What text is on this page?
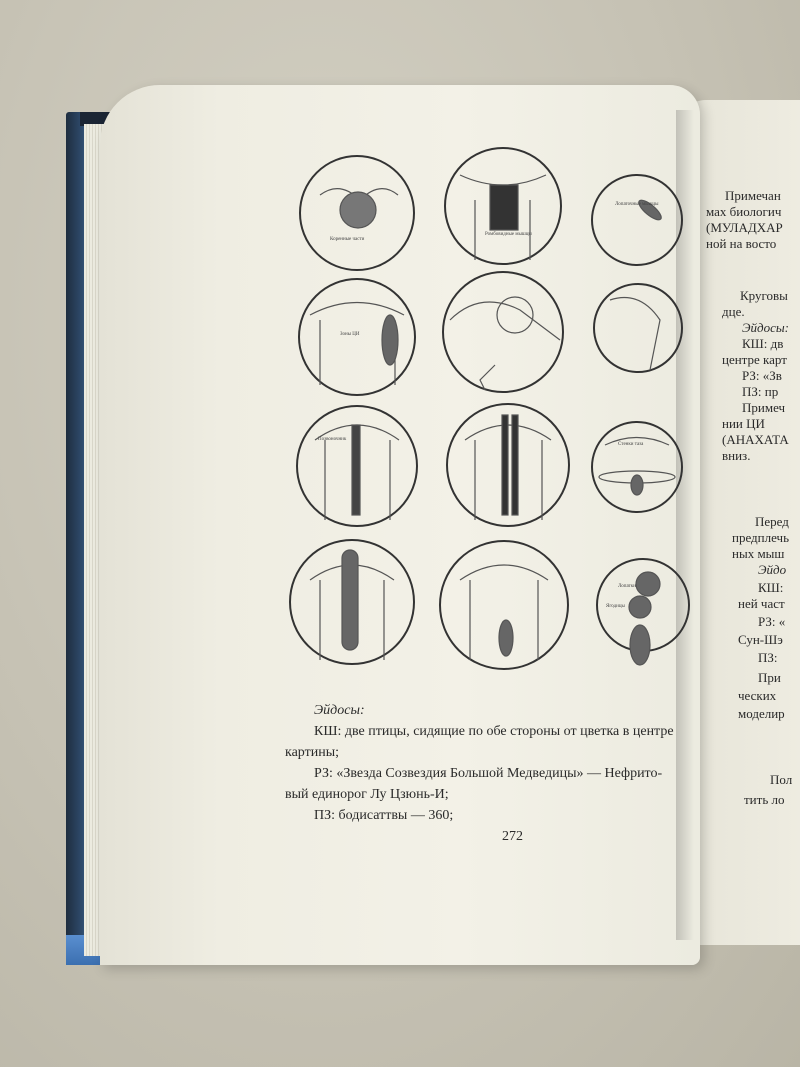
Коренные части
Ромбовидные мышцы
Лопаточные мышцы
Зоны ЦИ
Позвоночник
Стенки таза
Лопатки
Ягодицы
Эйдосы:
КШ: две птицы, сидящие по обе стороны от цветка в центре
картины;
РЗ: «Звезда Созвездия Большой Медведицы» — Нефрито-
вый единорог Лу Цзюнь-И;
ПЗ: бодисаттвы — 360;
272
Примечан
мах биологич
(МУЛАДХАР
ной на восто
Круговы
дце.
Эйдосы:
КШ: дв
центре карт
РЗ: «Зв
ПЗ: пр
Примеч
нии ЦИ
(АНАХАТА
вниз.
Перед
предплечь
ных мыш
Эйдо
КШ:
ней част
РЗ: «
Сун-Шэ
ПЗ:
При
ческих
моделир
Пол
тить ло
